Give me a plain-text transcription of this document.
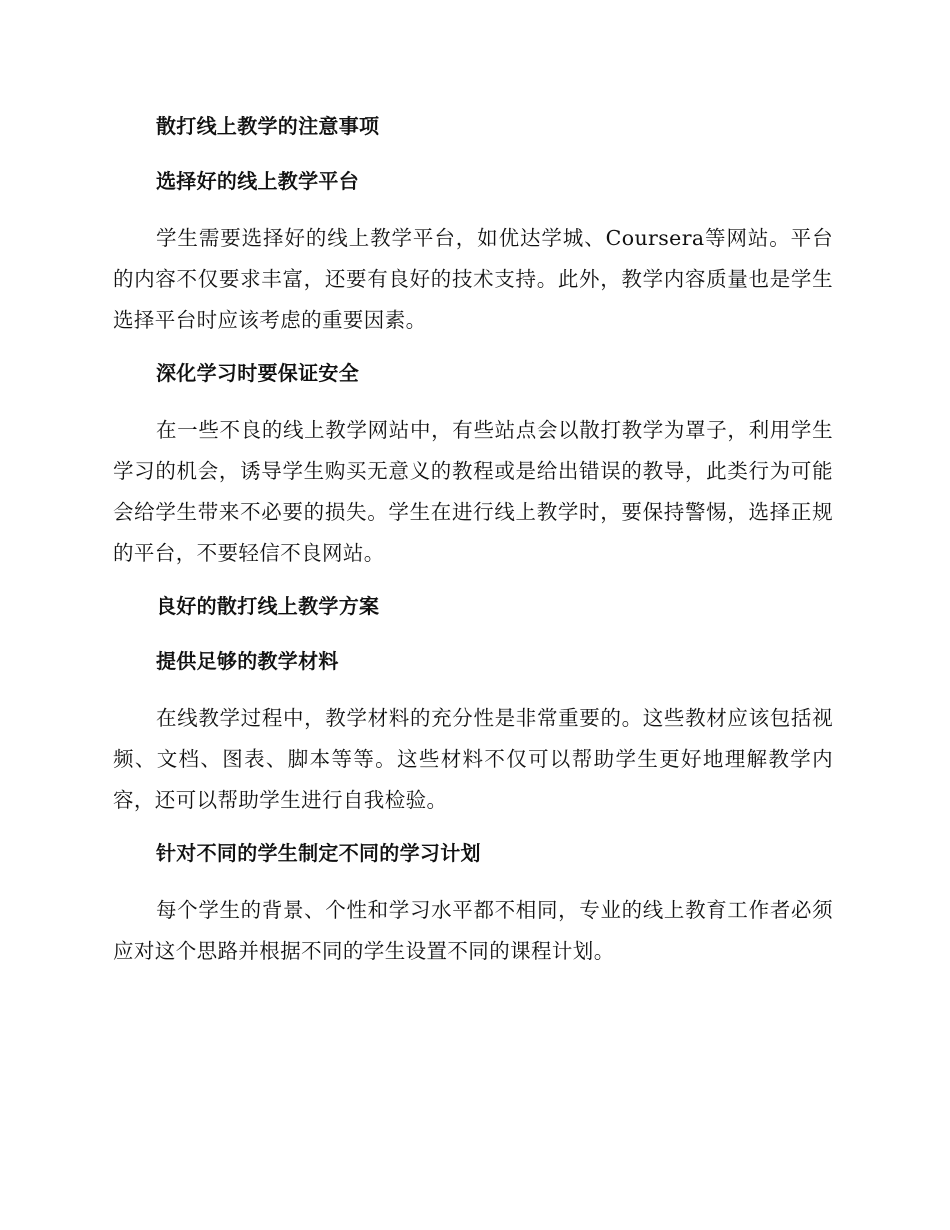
散打线上教学的注意事项
选择好的线上教学平台

学生需要选择好的线上教学平台，如优达学城、Coursera等网站。平台的内容不仅要求丰富，还要有良好的技术支持。此外，教学内容质量也是学生选择平台时应该考虑的重要因素。

深化学习时要保证安全

在一些不良的线上教学网站中，有些站点会以散打教学为罩子，利用学生学习的机会，诱导学生购买无意义的教程或是给出错误的教导，此类行为可能会给学生带来不必要的损失。学生在进行线上教学时，要保持警惕，选择正规的平台，不要轻信不良网站。

良好的散打线上教学方案
提供足够的教学材料

在线教学过程中，教学材料的充分性是非常重要的。这些教材应该包括视频、文档、图表、脚本等等。这些材料不仅可以帮助学生更好地理解教学内容，还可以帮助学生进行自我检验。

针对不同的学生制定不同的学习计划

每个学生的背景、个性和学习水平都不相同，专业的线上教育工作者必须应对这个思路并根据不同的学生设置不同的课程计划。
